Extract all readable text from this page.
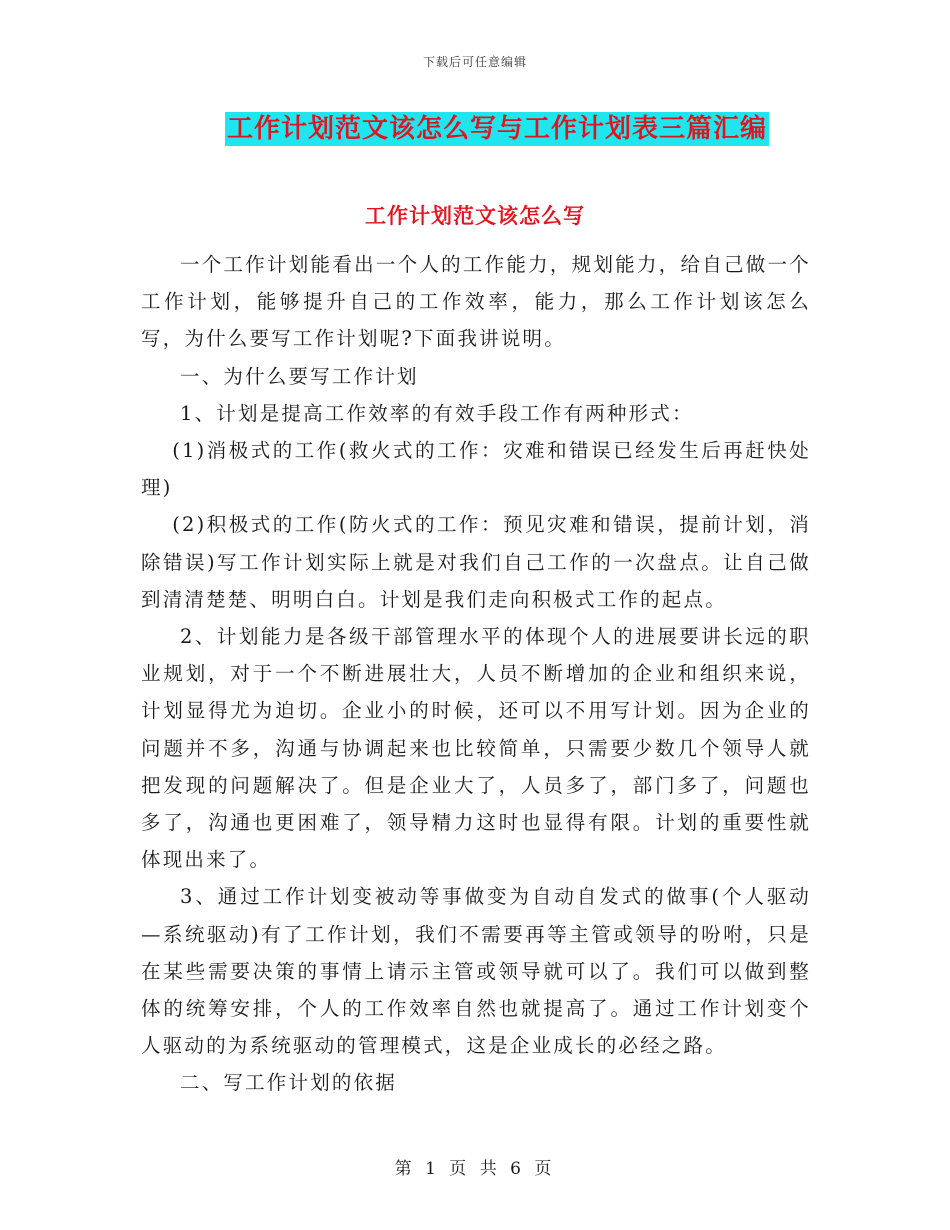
下载后可任意编辑
工作计划范文该怎么写与工作计划表三篇汇编
工作计划范文该怎么写

一个工作计划能看出一个人的工作能力，规划能力，给自己做一个工作计划，能够提升自己的工作效率，能力，那么工作计划该怎么写，为什么要写工作计划呢?下面我讲说明。

一、为什么要写工作计划

1、计划是提高工作效率的有效手段工作有两种形式：

(1)消极式的工作(救火式的工作：灾难和错误已经发生后再赶快处理)

(2)积极式的工作(防火式的工作：预见灾难和错误，提前计划，消除错误)写工作计划实际上就是对我们自己工作的一次盘点。让自己做到清清楚楚、明明白白。计划是我们走向积极式工作的起点。

2、计划能力是各级干部管理水平的体现个人的进展要讲长远的职业规划，对于一个不断进展壮大，人员不断增加的企业和组织来说，计划显得尤为迫切。企业小的时候，还可以不用写计划。因为企业的问题并不多，沟通与协调起来也比较简单，只需要少数几个领导人就把发现的问题解决了。但是企业大了，人员多了，部门多了，问题也多了，沟通也更困难了，领导精力这时也显得有限。计划的重要性就体现出来了。

3、通过工作计划变被动等事做变为自动自发式的做事(个人驱动—系统驱动)有了工作计划，我们不需要再等主管或领导的吩咐，只是在某些需要决策的事情上请示主管或领导就可以了。我们可以做到整体的统筹安排，个人的工作效率自然也就提高了。通过工作计划变个人驱动的为系统驱动的管理模式，这是企业成长的必经之路。

二、写工作计划的依据

第 1 页 共 6 页
